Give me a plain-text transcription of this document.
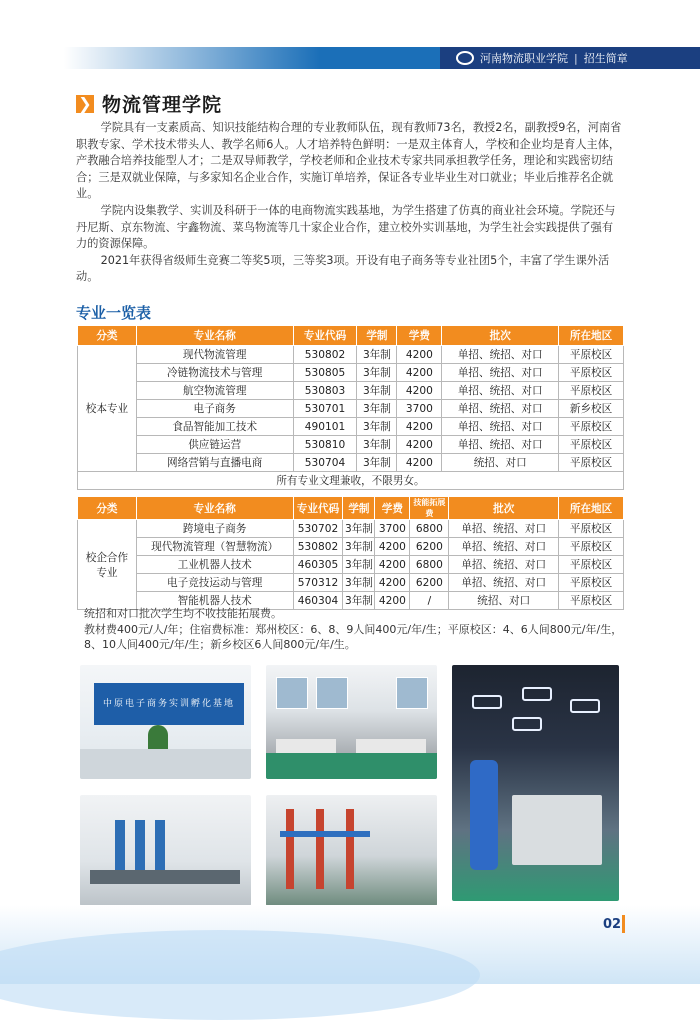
河南物流职业学院 | 招生简章
❯ 物流管理学院

学院具有一支素质高、知识技能结构合理的专业教师队伍，现有教师73名，教授2名，副教授9名，河南省职教专家、学术技术带头人、教学名师6人。人才培养特色鲜明：一是双主体育人，学校和企业均是育人主体，产教融合培养技能型人才；二是双导师教学，学校老师和企业技术专家共同承担教学任务，理论和实践密切结合；三是双就业保障，与多家知名企业合作，实施订单培养，保证各专业毕业生对口就业；毕业后推荐名企就业。

学院内设集教学、实训及科研于一体的电商物流实践基地，为学生搭建了仿真的商业社会环境。学院还与丹尼斯、京东物流、宇鑫物流、菜鸟物流等几十家企业合作，建立校外实训基地，为学生社会实践提供了强有力的资源保障。

2021年获得省级师生竞赛二等奖5项，三等奖3项。开设有电子商务等专业社团5个，丰富了学生课外活动。

专业一览表
分类	专业名称	专业代码	学制	学费	批次	所在地区
校本专业	现代物流管理	530802	3年制	4200	单招、统招、对口	平原校区
	冷链物流技术与管理	530805	3年制	4200	单招、统招、对口	平原校区
	航空物流管理	530803	3年制	4200	单招、统招、对口	平原校区
	电子商务	530701	3年制	3700	单招、统招、对口	新乡校区
	食品智能加工技术	490101	3年制	4200	单招、统招、对口	平原校区
	供应链运营	530810	3年制	4200	单招、统招、对口	平原校区
	网络营销与直播电商	530704	3年制	4200	统招、对口	平原校区
所有专业文理兼收，不限男女。						
分类	专业名称	专业代码	学制	学费	技能拓展费	批次	所在地区
校企合作专业	跨境电子商务	530702	3年制	3700	6800	单招、统招、对口	平原校区
	现代物流管理（智慧物流）	530802	3年制	4200	6200	单招、统招、对口	平原校区
	工业机器人技术	460305	3年制	4200	6800	单招、统招、对口	平原校区
	电子竞技运动与管理	570312	3年制	4200	6200	单招、统招、对口	平原校区
	智能机器人技术	460304	3年制	4200	/	统招、对口	平原校区
统招和对口批次学生均不收技能拓展费。
教材费400元/人/年；住宿费标准：郑州校区：6、8、9人间400元/年/生；平原校区：4、6人间800元/年/生，8、10人间400元/年/生；新乡校区6人间800元/年/生。
中原电子商务实训孵化基地
02
